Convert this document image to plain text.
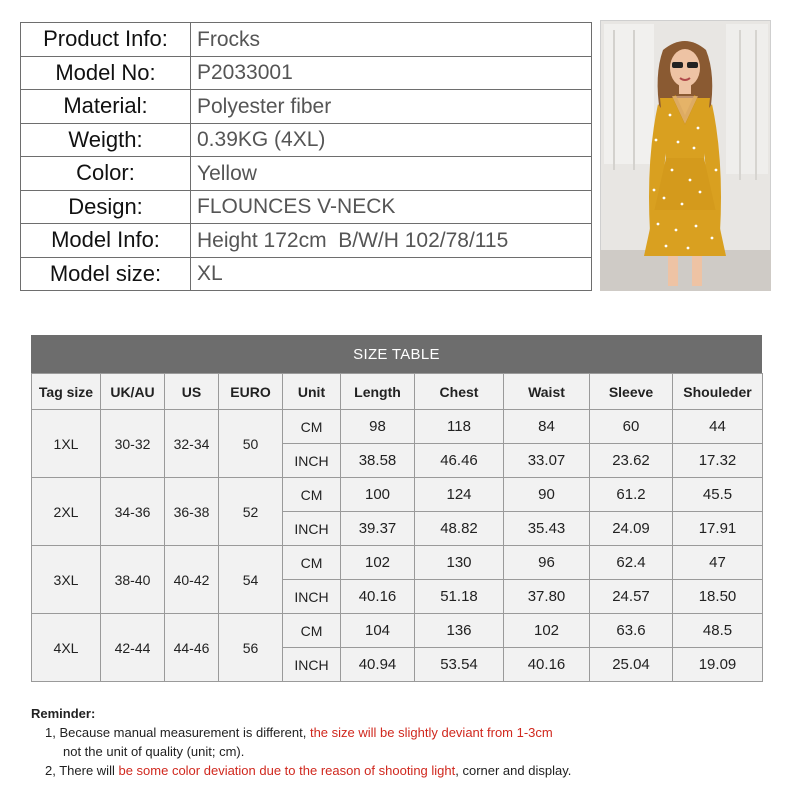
Product Info:	Frocks
Model No:	P2033001
Material:	Polyester fiber
Weigth:	0.39KG (4XL)
Color:	Yellow
Design:	FLOUNCES V-NECK
Model Info:	Height 172cm  B/W/H 102/78/115
Model size:	XL
SIZE TABLE
Tag size	UK/AU	US	EURO	Unit	Length	Chest	Waist	Sleeve	Shouleder
1XL	30-32	32-34	50	CM	98	118	84	60	44
				INCH	38.58	46.46	33.07	23.62	17.32
2XL	34-36	36-38	52	CM	100	124	90	61.2	45.5
				INCH	39.37	48.82	35.43	24.09	17.91
3XL	38-40	40-42	54	CM	102	130	96	62.4	47
				INCH	40.16	51.18	37.80	24.57	18.50
4XL	42-44	44-46	56	CM	104	136	102	63.6	48.5
				INCH	40.94	53.54	40.16	25.04	19.09
Reminder:
1, Because manual measurement is different, the size will be slightly deviant from 1-3cm
not the unit of quality (unit; cm).
2, There will be some color deviation due to the reason of shooting light, corner and display.
